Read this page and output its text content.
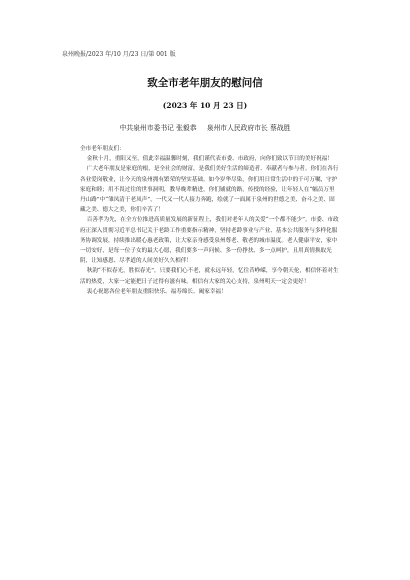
泉州晚报/2023 年/10 月/23 日/第 001 版
致全市老年朋友的慰问信
(2023 年 10 月 23 日)
中共泉州市委书记 张毅恭 泉州市人民政府市长 蔡战胜

全市老年朋友们：

金秋十月，重阳又至，值此幸福温馨时刻，我们谨代表市委、市政府，向你们致以节日的美好祝福！

广大老年朋友是家庭的根，是全社会的财富，是我们美好生活的缔造者、奉献者与参与者。你们在各行各业爱岗敬业，让今天的泉州拥有繁荣的坚实基础。如今岁华尽染，你们用日常生活中的千可万嘱，守护家庭和睦；用不畏过往的世事洞明，教导晚辈精进，你们铺就的路，传授的经验，让年轻人在“幅员万里丹山路”中“雏凤清于老凤声”，一代又一代人接力奔跑，绘就了一面属于泉州的世德之美、奋斗之美、固藏之美、德大之美，你们辛苦了！

百善孝为先，在全方位推进高质量发展的新征程上，我们对老年人的关爱“一个都不能少”。市委、市政府正深入贯彻习近平总书记关于老龄工作重要指示精神，坚持老龄事业与产业、基本公共服务与多样化服务协调发展，持续推出暖心惠老政策，让大家亲身感受泉州尊老、敬老的城市温度。老人健康平安，家中一切安好，是每一位子女的最大心愿，我们要多一声问候、多一份挣扶、多一点呵护，且用真情换取光阴，让知感恩、尽孝道的人间美好久久相伴！

秋韵“不似春光，胜似春光”，只要我们心不老，就永远年轻，忆往昔峥嵘，享今朝天伦，相信怀着对生活的热爱，大家一定能把日子过得有滋有味。相信有大家的关心支持，泉州明天一定会更好！

衷心祝愿各位老年朋友重阳快乐、福寿绵长、阖家幸福！
